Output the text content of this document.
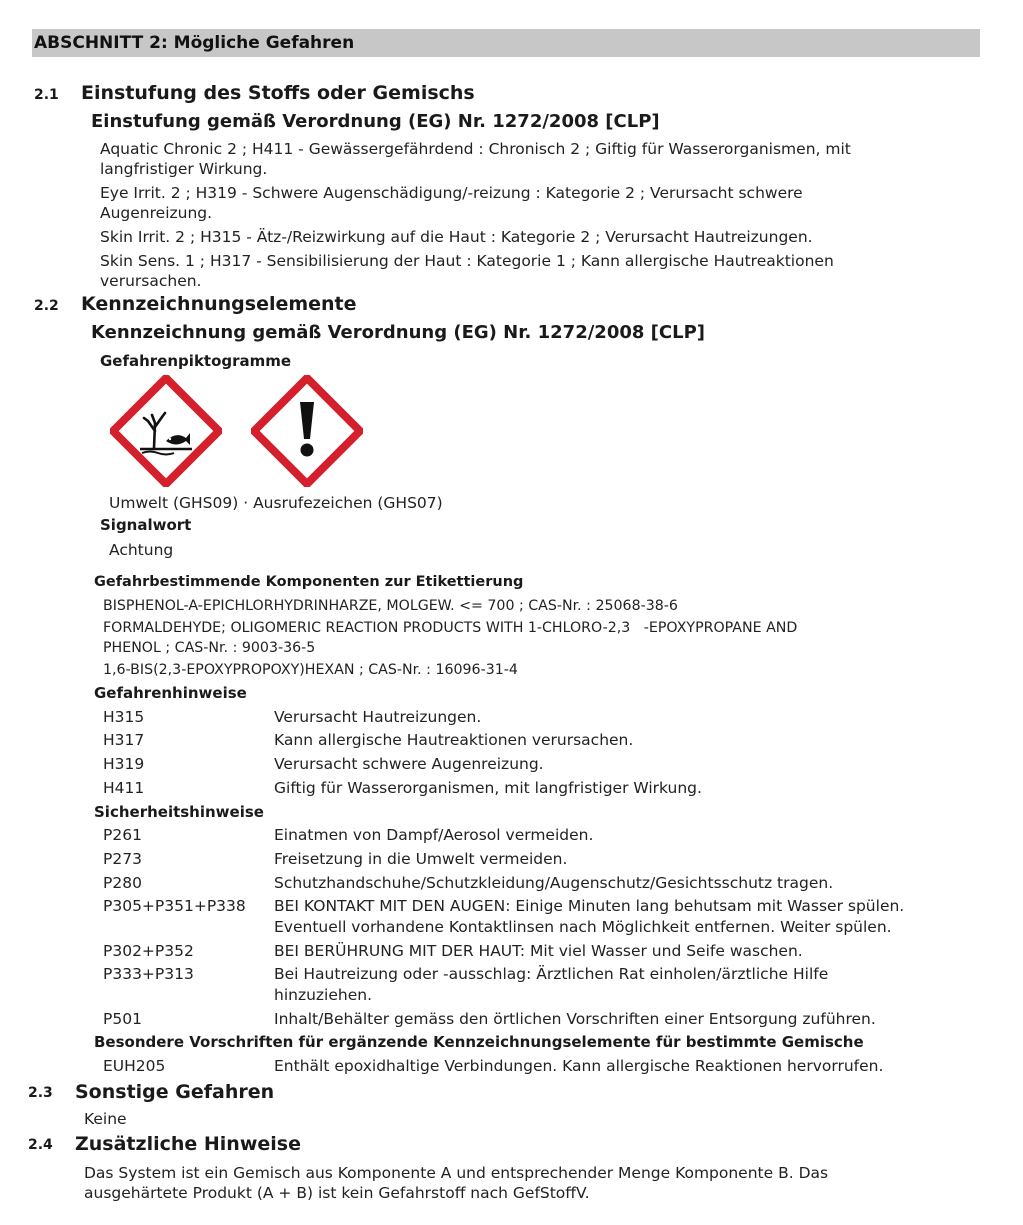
ABSCHNITT 2: Mögliche Gefahren
2.1 Einstufung des Stoffs oder Gemischs
Einstufung gemäß Verordnung (EG) Nr. 1272/2008 [CLP]
Aquatic Chronic 2 ; H411 - Gewässergefährdend : Chronisch 2 ; Giftig für Wasserorganismen, mit
langfristiger Wirkung.
Eye Irrit. 2 ; H319 - Schwere Augenschädigung/-reizung : Kategorie 2 ; Verursacht schwere
Augenreizung.
Skin Irrit. 2 ; H315 - Ätz-/Reizwirkung auf die Haut : Kategorie 2 ; Verursacht Hautreizungen.
Skin Sens. 1 ; H317 - Sensibilisierung der Haut : Kategorie 1 ; Kann allergische Hautreaktionen
verursachen.
2.2 Kennzeichnungselemente
Kennzeichnung gemäß Verordnung (EG) Nr. 1272/2008 [CLP]
Gefahrenpiktogramme
Umwelt (GHS09) · Ausrufezeichen (GHS07)
Signalwort
Achtung
Gefahrbestimmende Komponenten zur Etikettierung
BISPHENOL-A-EPICHLORHYDRINHARZE, MOLGEW. <= 700 ; CAS-Nr. : 25068-38-6
FORMALDEHYDE; OLIGOMERIC REACTION PRODUCTS WITH 1-CHLORO-2,3   -EPOXYPROPANE AND
PHENOL ; CAS-Nr. : 9003-36-5
1,6-BIS(2,3-EPOXYPROPOXY)HEXAN ; CAS-Nr. : 16096-31-4
Gefahrenhinweise
H315	Verursacht Hautreizungen.
H317	Kann allergische Hautreaktionen verursachen.
H319	Verursacht schwere Augenreizung.
H411	Giftig für Wasserorganismen, mit langfristiger Wirkung.
Sicherheitshinweise
P261	Einatmen von Dampf/Aerosol vermeiden.
P273	Freisetzung in die Umwelt vermeiden.
P280	Schutzhandschuhe/Schutzkleidung/Augenschutz/Gesichtsschutz tragen.
P305+P351+P338 BEI KONTAKT MIT DEN AUGEN: Einige Minuten lang behutsam mit Wasser spülen.
Eventuell vorhandene Kontaktlinsen nach Möglichkeit entfernen. Weiter spülen.
P302+P352	BEI BERÜHRUNG MIT DER HAUT: Mit viel Wasser und Seife waschen.
P333+P313	Bei Hautreizung oder -ausschlag: Ärztlichen Rat einholen/ärztliche Hilfe
hinzuziehen.
P501	Inhalt/Behälter gemäss den örtlichen Vorschriften einer Entsorgung zuführen.
Besondere Vorschriften für ergänzende Kennzeichnungselemente für bestimmte Gemische
EUH205	Enthält epoxidhaltige Verbindungen. Kann allergische Reaktionen hervorrufen.
2.3 Sonstige Gefahren
Keine
2.4 Zusätzliche Hinweise
Das System ist ein Gemisch aus Komponente A und entsprechender Menge Komponente B. Das
ausgehärtete Produkt (A + B) ist kein Gefahrstoff nach GefStoffV.
